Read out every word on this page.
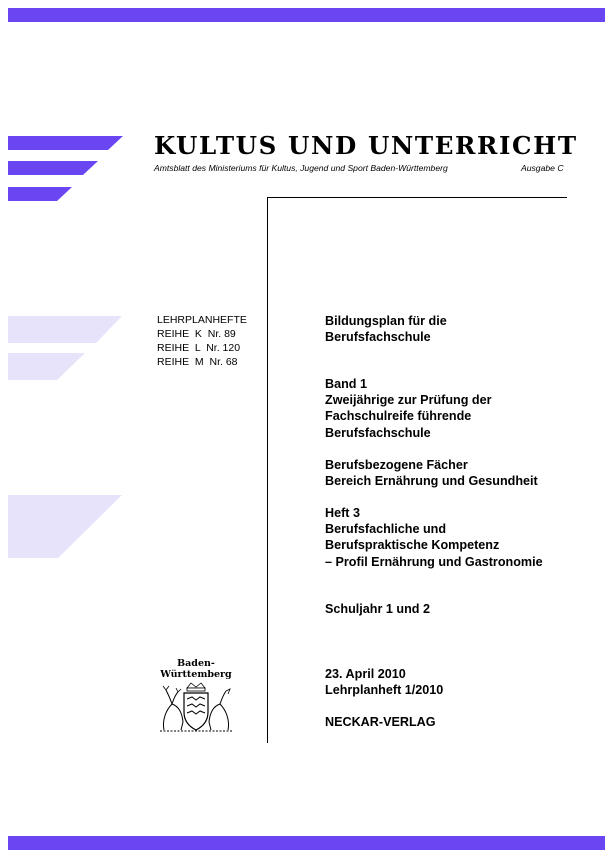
KULTUS UND UNTERRICHT
Amtsblatt des Ministeriums für Kultus, Jugend und Sport Baden-Württemberg	Ausgabe C
LEHRPLANHEFTE
REIHE  K  Nr. 89
REIHE  L  Nr. 120
REIHE  M  Nr. 68
Bildungsplan für die
Berufsfachschule
Band 1
Zweijährige zur Prüfung der
Fachschulreife führende
Berufsfachschule
Berufsbezogene Fächer
Bereich Ernährung und Gesundheit
Heft 3
Berufsfachliche und
Berufspraktische Kompetenz
– Profil Ernährung und Gastronomie
Schuljahr 1 und 2
23. April 2010
Lehrplanheft 1/2010
NECKAR-VERLAG
Baden-
Württemberg
